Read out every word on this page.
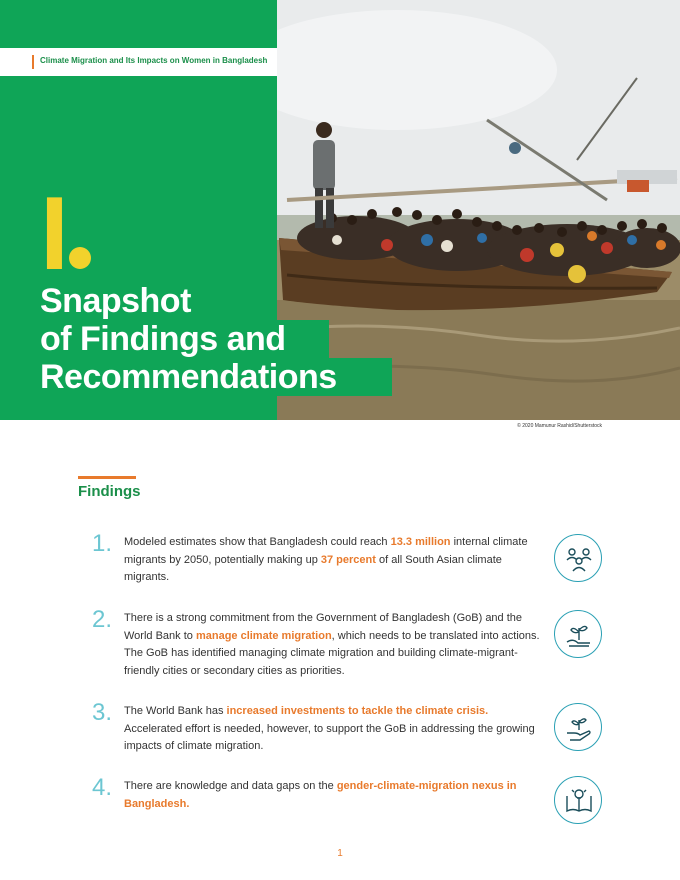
Climate Migration and Its Impacts on Women in Bangladesh
I
Snapshot
of Findings and
Recommendations
© 2020 Mamunur Rashid/Shutterstock
Findings
1. Modeled estimates show that Bangladesh could reach 13.3 million internal climate migrants by 2050, potentially making up 37 percent of all South Asian climate migrants.
2. There is a strong commitment from the Government of Bangladesh (GoB) and the World Bank to manage climate migration, which needs to be translated into actions. The GoB has identified managing climate migration and building climate-migrant-friendly cities or secondary cities as priorities.
3. The World Bank has increased investments to tackle the climate crisis. Accelerated effort is needed, however, to support the GoB in addressing the growing impacts of climate migration.
4. There are knowledge and data gaps on the gender-climate-migration nexus in Bangladesh.
1
